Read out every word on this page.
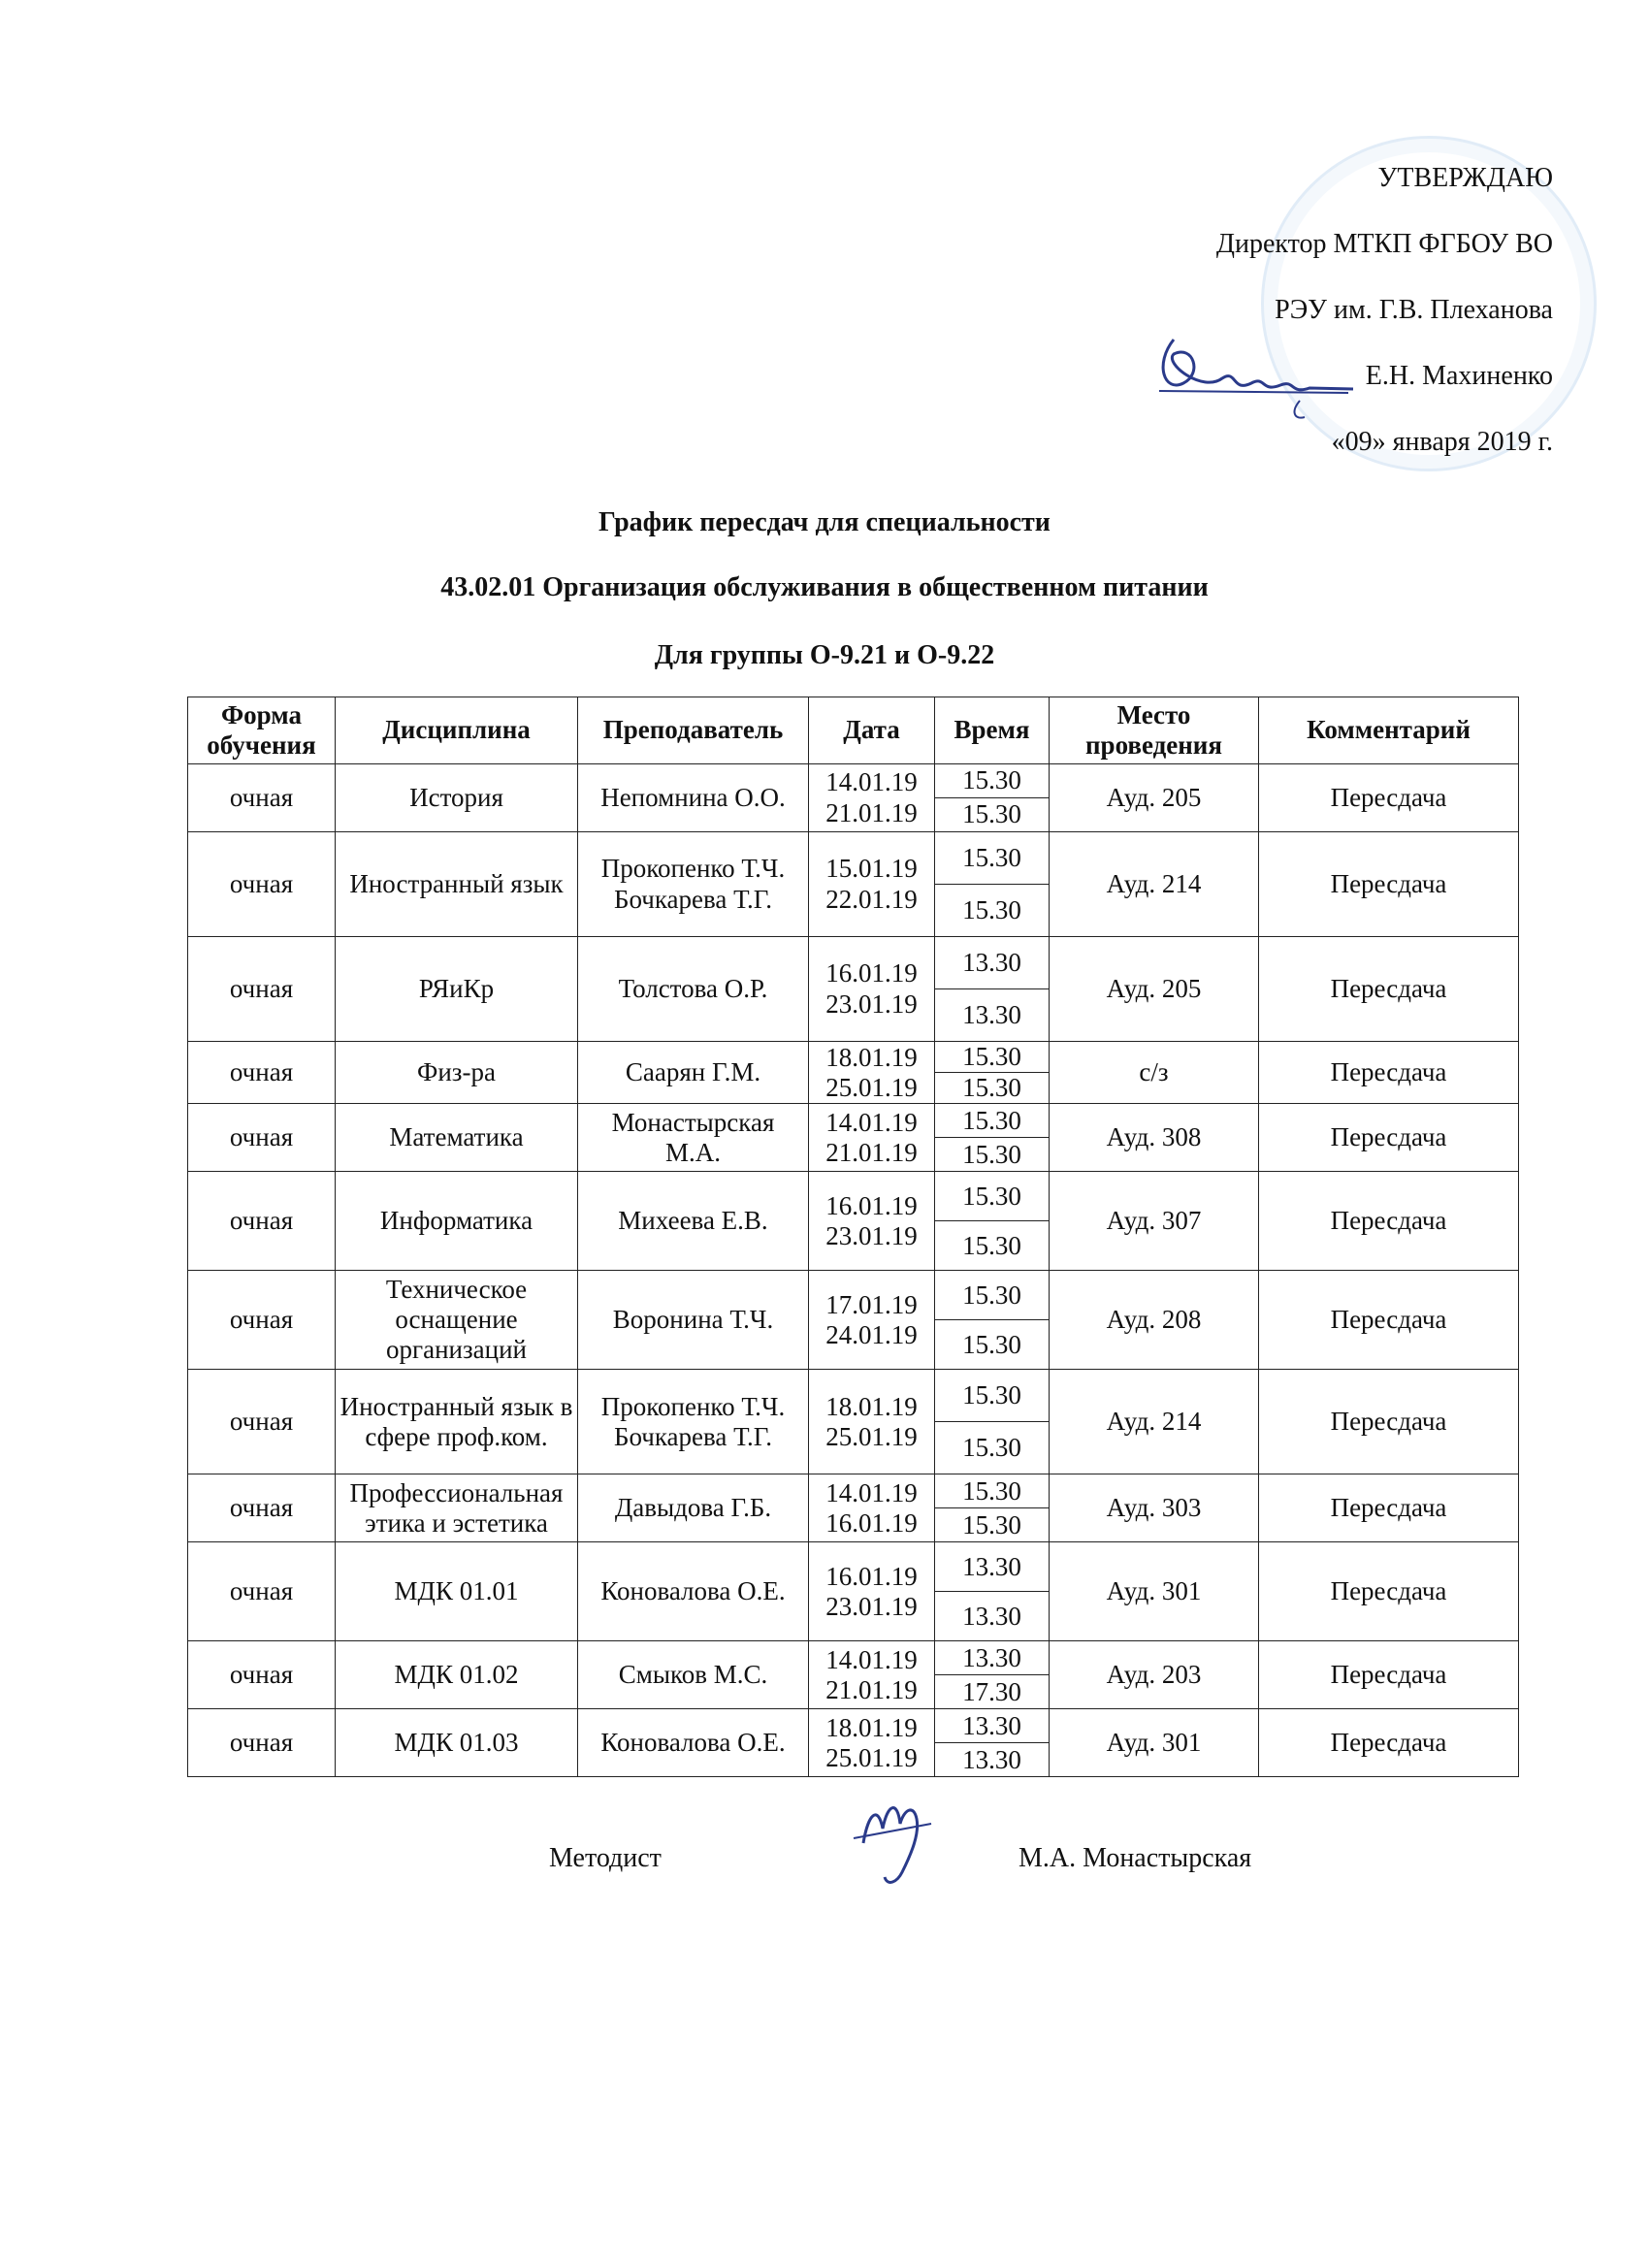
УТВЕРЖДАЮ
Директор МТКП ФГБОУ ВО
РЭУ им. Г.В. Плеханова
Е.Н. Махиненко
«09» января 2019 г.
График пересдач для специальности
43.02.01 Организация обслуживания в общественном питании
Для группы О-9.21 и О-9.22
Форма обучения	Дисциплина	Преподаватель	Дата	Время	Место проведения	Комментарий
очная	История	Непомнина О.О.	14.01.19 21.01.19	15.30	Ауд. 205	Пересдача
				15.30		
очная	Иностранный язык	Прокопенко Т.Ч. Бочкарева Т.Г.	15.01.19 22.01.19	15.30	Ауд. 214	Пересдача
				15.30		
очная	РЯиКр	Толстова О.Р.	16.01.19 23.01.19	13.30	Ауд. 205	Пересдача
				13.30		
очная	Физ-ра	Саарян Г.М.	18.01.19 25.01.19	15.30	с/з	Пересдача
				15.30		
очная	Математика	Монастырская М.А.	14.01.19 21.01.19	15.30	Ауд. 308	Пересдача
				15.30		
очная	Информатика	Михеева Е.В.	16.01.19 23.01.19	15.30	Ауд. 307	Пересдача
				15.30		
очная	Техническое оснащение организаций	Воронина Т.Ч.	17.01.19 24.01.19	15.30	Ауд. 208	Пересдача
				15.30		
очная	Иностранный язык в сфере проф.ком.	Прокопенко Т.Ч. Бочкарева Т.Г.	18.01.19 25.01.19	15.30	Ауд. 214	Пересдача
				15.30		
очная	Профессиональная этика и эстетика	Давыдова Г.Б.	14.01.19 16.01.19	15.30	Ауд. 303	Пересдача
				15.30		
очная	МДК 01.01	Коновалова О.Е.	16.01.19 23.01.19	13.30	Ауд. 301	Пересдача
				13.30		
очная	МДК 01.02	Смыков М.С.	14.01.19 21.01.19	13.30	Ауд. 203	Пересдача
				17.30		
очная	МДК 01.03	Коновалова О.Е.	18.01.19 25.01.19	13.30	Ауд. 301	Пересдача
				13.30		
Методист	М.А. Монастырская
